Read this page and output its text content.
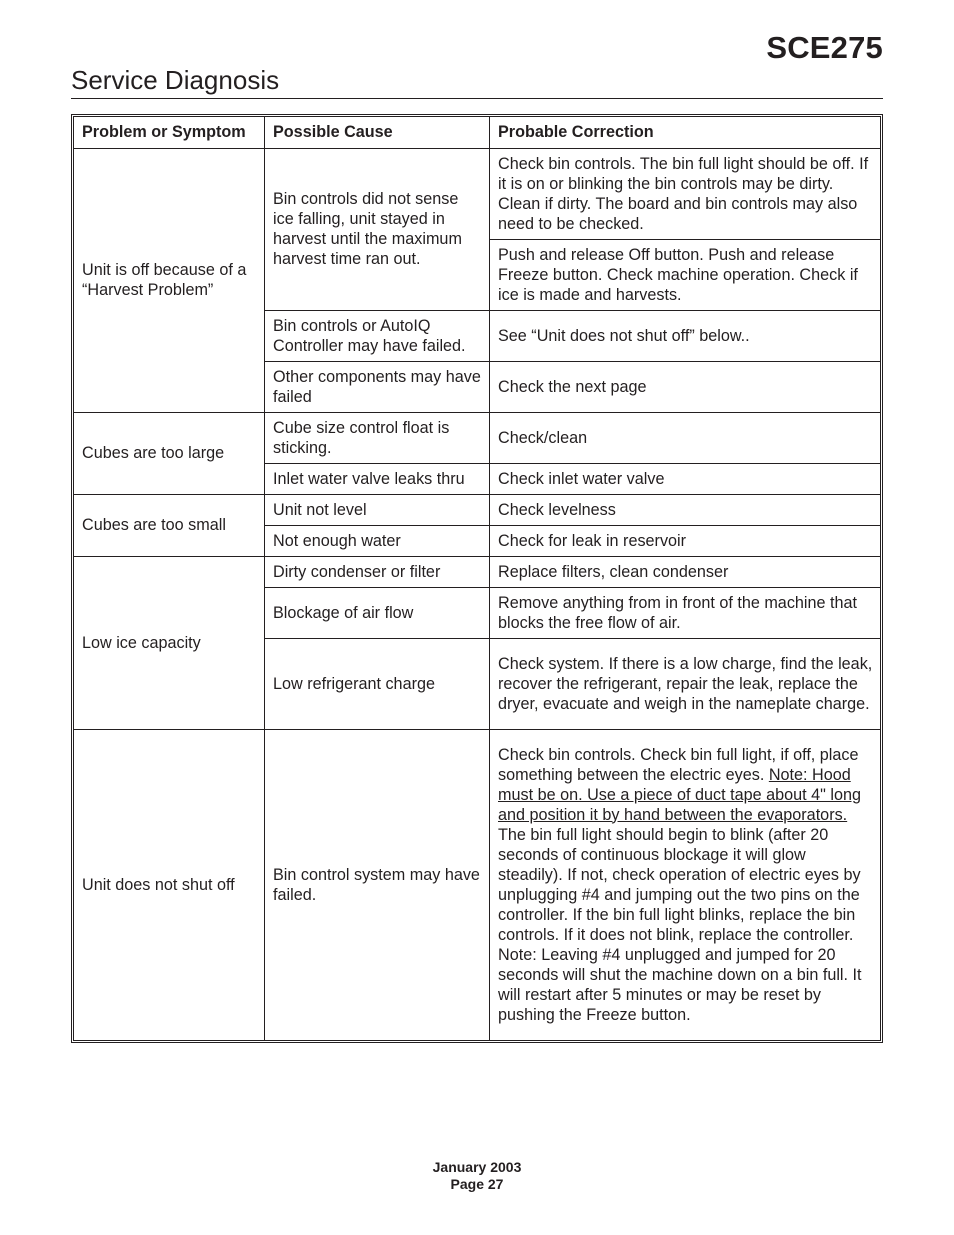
SCE275
Service Diagnosis
Problem or Symptom	Possible Cause	Probable Correction
Unit is off because of a “Harvest Problem”	Bin controls did not sense ice falling, unit stayed in harvest until the maximum harvest time ran out.	Check bin controls. The bin full light should be off. If it is on or blinking the bin controls may be dirty. Clean if dirty. The board and bin controls may also need to be checked.
		Push and release Off button. Push and release Freeze button. Check machine operation. Check if ice is made and harvests.
	Bin controls or AutoIQ Controller may have failed.	See “Unit does not shut off” below..
	Other components may have failed	Check the next page
Cubes are too large	Cube size control float is sticking.	Check/clean
	Inlet water valve leaks thru	Check inlet water valve
Cubes are too small	Unit not level	Check levelness
	Not enough water	Check for leak in reservoir
Low ice capacity	Dirty condenser or filter	Replace filters, clean condenser
	Blockage of air flow	Remove anything from in front of the machine that blocks the free flow of air.
	Low refrigerant charge	Check system. If there is a low charge, find the leak, recover the refrigerant, repair the leak, replace the dryer, evacuate and weigh in the nameplate charge.
Unit does not shut off	Bin control system may have failed.	Check bin controls. Check bin full light, if off, place something between the electric eyes. Note: Hood must be on. Use a piece of duct tape about 4" long and position it by hand between the evaporators. The bin full light should begin to blink (after 20 seconds of continuous blockage it will glow steadily). If not, check operation of electric eyes by unplugging #4 and jumping out the two pins on the controller. If the bin full light blinks, replace the bin controls. If it does not blink, replace the controller. Note: Leaving #4 unplugged and jumped for 20 seconds will shut the machine down on a bin full. It will restart after 5 minutes or may be reset by pushing the Freeze button.
January 2003
Page 27
